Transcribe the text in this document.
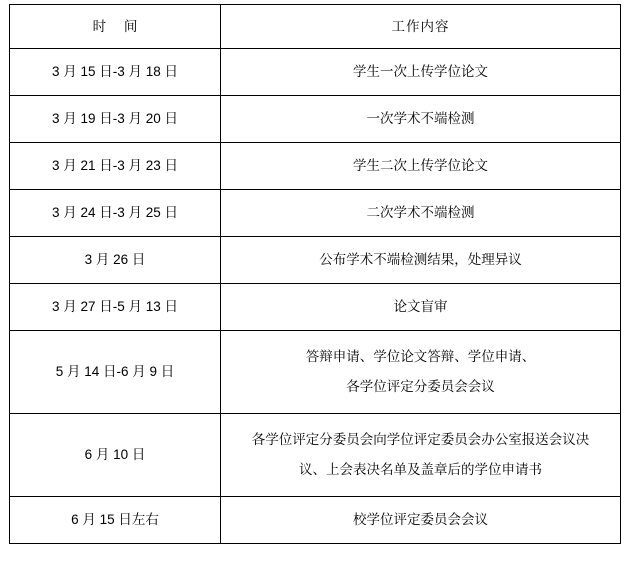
时 间	工作内容
3 月 15 日-3 月 18 日	学生一次上传学位论文

3 月 19 日-3 月 20 日	一次学术不端检测

3 月 21 日-3 月 23 日	学生二次上传学位论文

3 月 24 日-3 月 25 日	二次学术不端检测

3 月 26 日	公布学术不端检测结果，处理异议

3 月 27 日-5 月 13 日	论文盲审

5 月 14 日-6 月 9 日	答辩申请、学位论文答辩、学位申请、
各学位评定分委员会会议

6 月 10 日	各学位评定分委员会向学位评定委员会办公室报送会议决
议、上会表决名单及盖章后的学位申请书

6 月 15 日左右	校学位评定委员会会议
